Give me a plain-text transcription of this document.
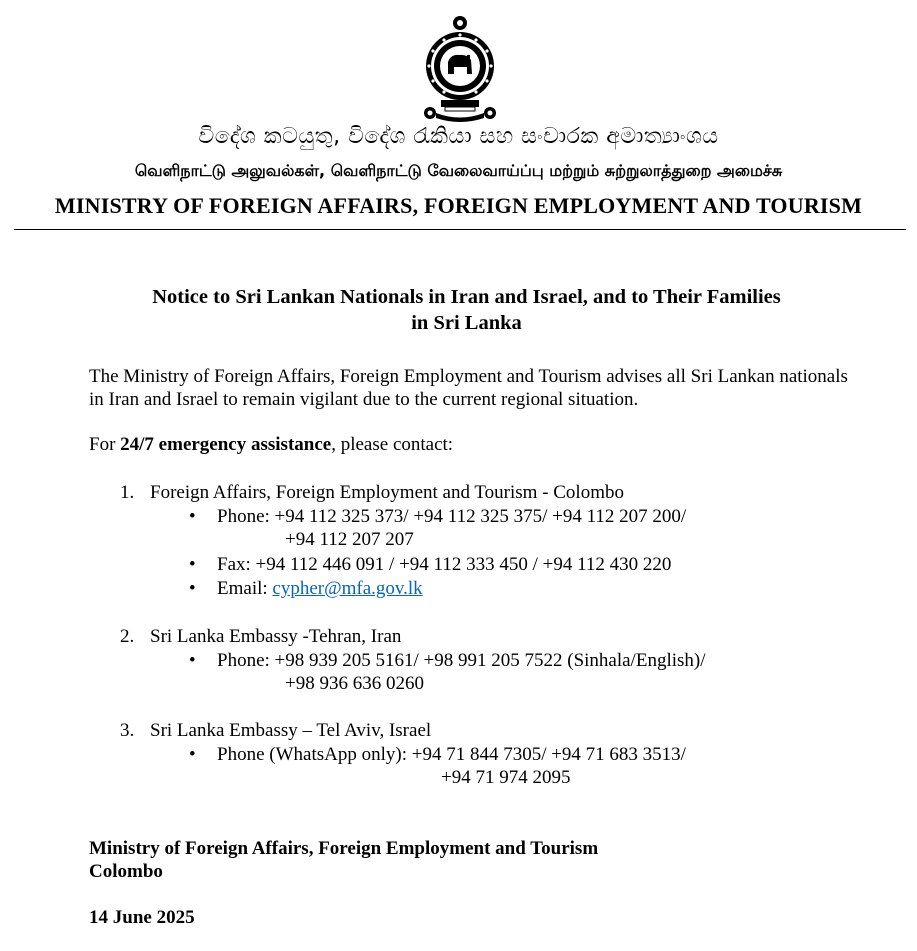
විදේශ කටයුතු, විදේශ රැකියා සහ සංචාරක අමාත්‍යාංශය
வெளிநாட்டு அலுவல்கள், வெளிநாட்டு வேலைவாய்ப்பு மற்றும் சுற்றுலாத்துறை அமைச்சு
MINISTRY OF FOREIGN AFFAIRS, FOREIGN EMPLOYMENT AND TOURISM
Notice to Sri Lankan Nationals in Iran and Israel, and to Their Families
in Sri Lanka

The Ministry of Foreign Affairs, Foreign Employment and Tourism advises all Sri Lankan nationals in Iran and Israel to remain vigilant due to the current regional situation.

For 24/7 emergency assistance, please contact:

1. Foreign Affairs, Foreign Employment and Tourism - Colombo
•
Phone: +94 112 325 373/ +94 112 325 375/ +94 112 207 200/
+94 112 207 207
•
Fax: +94 112 446 091 / +94 112 333 450 / +94 112 430 220
•
Email: cypher@mfa.gov.lk
2. Sri Lanka Embassy -Tehran, Iran
•
Phone: +98 939 205 5161/ +98 991 205 7522 (Sinhala/English)/
+98 936 636 0260
3. Sri Lanka Embassy – Tel Aviv, Israel
•
Phone (WhatsApp only): +94 71 844 7305/ +94 71 683 3513/
+94 71 974 2095
Ministry of Foreign Affairs, Foreign Employment and Tourism
Colombo
14 June 2025
